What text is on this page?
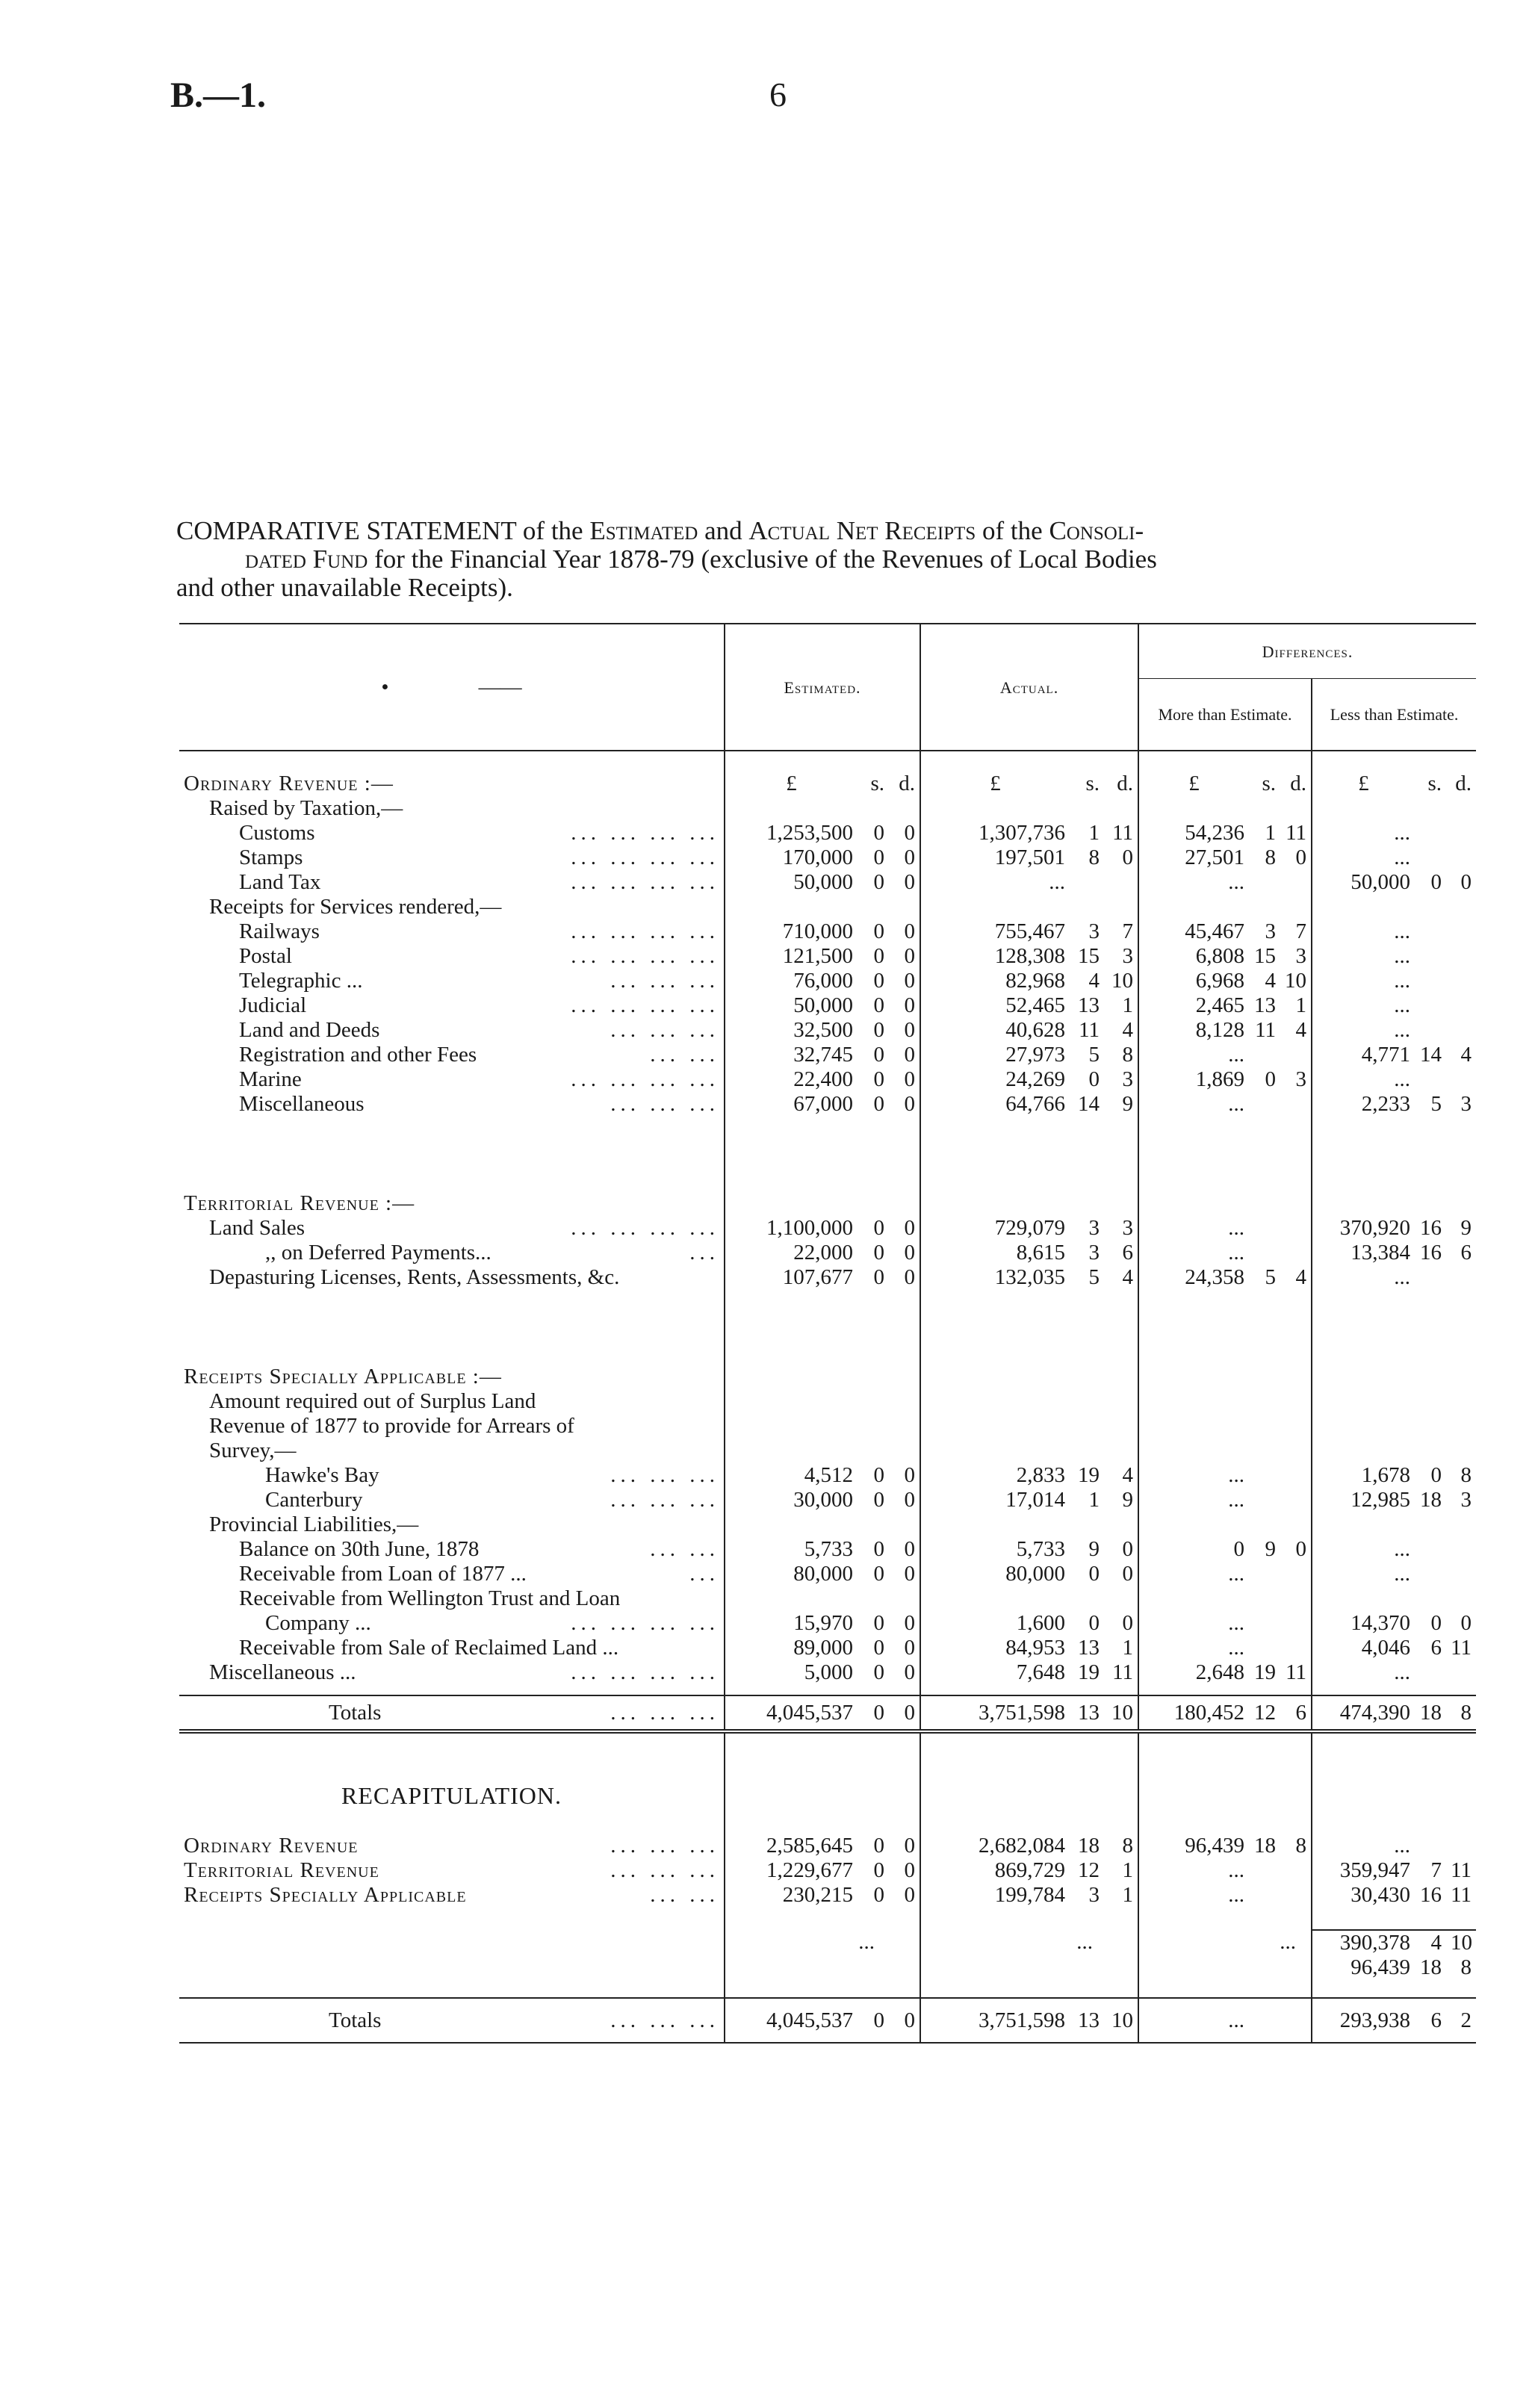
B.—1.	6
COMPARATIVE STATEMENT of the Estimated and Actual Net Receipts of the Consoli-
dated Fund for the Financial Year 1878-79 (exclusive of the Revenues of Local Bodies
and other unavailable Receipts).
• ——	Estimated.			Actual.			Differences.					
							More than Estimate.			Less than Estimate.		

Ordinary Revenue :—	£	s.	d.	£	s.	d.	£	s.	d.	£	s.	d.
Raised by Taxation,—												
Customs ... ... ... ...	1,253,500	0	0	1,307,736	1	11	54,236	1	11	...		
Stamps ... ... ... ...	170,000	0	0	197,501	8	0	27,501	8	0	...		
Land Tax ... ... ... ...	50,000	0	0	...			...			50,000	0	0
Receipts for Services rendered,—												
Railways ... ... ... ...	710,000	0	0	755,467	3	7	45,467	3	7	...		
Postal ... ... ... ...	121,500	0	0	128,308	15	3	6,808	15	3	...		
Telegraphic ... ... ... ...	76,000	0	0	82,968	4	10	6,968	4	10	...		
Judicial ... ... ... ...	50,000	0	0	52,465	13	1	2,465	13	1	...		
Land and Deeds ... ... ...	32,500	0	0	40,628	11	4	8,128	11	4	...		
Registration and other Fees ... ...	32,745	0	0	27,973	5	8	...			4,771	14	4
Marine ... ... ... ...	22,400	0	0	24,269	0	3	1,869	0	3	...		
Miscellaneous ... ... ...	67,000	0	0	64,766	14	9	...			2,233	5	3

Territorial Revenue :—												
Land Sales ... ... ... ...	1,100,000	0	0	729,079	3	3	...			370,920	16	9
,, on Deferred Payments... ...	22,000	0	0	8,615	3	6	...			13,384	16	6
Depasturing Licenses, Rents, Assessments, &c.	107,677	0	0	132,035	5	4	24,358	5	4	...		

Receipts Specially Applicable :—												
Amount required out of Surplus Land												
Revenue of 1877 to provide for Arrears of												
Survey,—												
Hawke's Bay ... ... ...	4,512	0	0	2,833	19	4	...			1,678	0	8
Canterbury ... ... ...	30,000	0	0	17,014	1	9	...			12,985	18	3
Provincial Liabilities,—												
Balance on 30th June, 1878 ... ...	5,733	0	0	5,733	9	0	0	9	0	...		
Receivable from Loan of 1877 ... ...	80,000	0	0	80,000	0	0	...			...		
Receivable from Wellington Trust and Loan												
Company ... ... ... ... ...	15,970	0	0	1,600	0	0	...			14,370	0	0
Receivable from Sale of Reclaimed Land ...	89,000	0	0	84,953	13	1	...			4,046	6	11
Miscellaneous ... ... ... ... ...	5,000	0	0	7,648	19	11	2,648	19	11	...		

Totals ... ... ...	4,045,537	0	0	3,751,598	13	10	180,452	12	6	474,390	18	8

RECAPITULATION.												

Ordinary Revenue ... ... ...	2,585,645	0	0	2,682,084	18	8	96,439	18	8	...		
Territorial Revenue ... ... ...	1,229,677	0	0	869,729	12	1	...			359,947	7	11
Receipts Specially Applicable ... ...	230,215	0	0	199,784	3	1	...			30,430	16	11

	...			...			...			390,378	4	10
										96,439	18	8

Totals ... ... ...	4,045,537	0	0	3,751,598	13	10	...			293,938	6	2
